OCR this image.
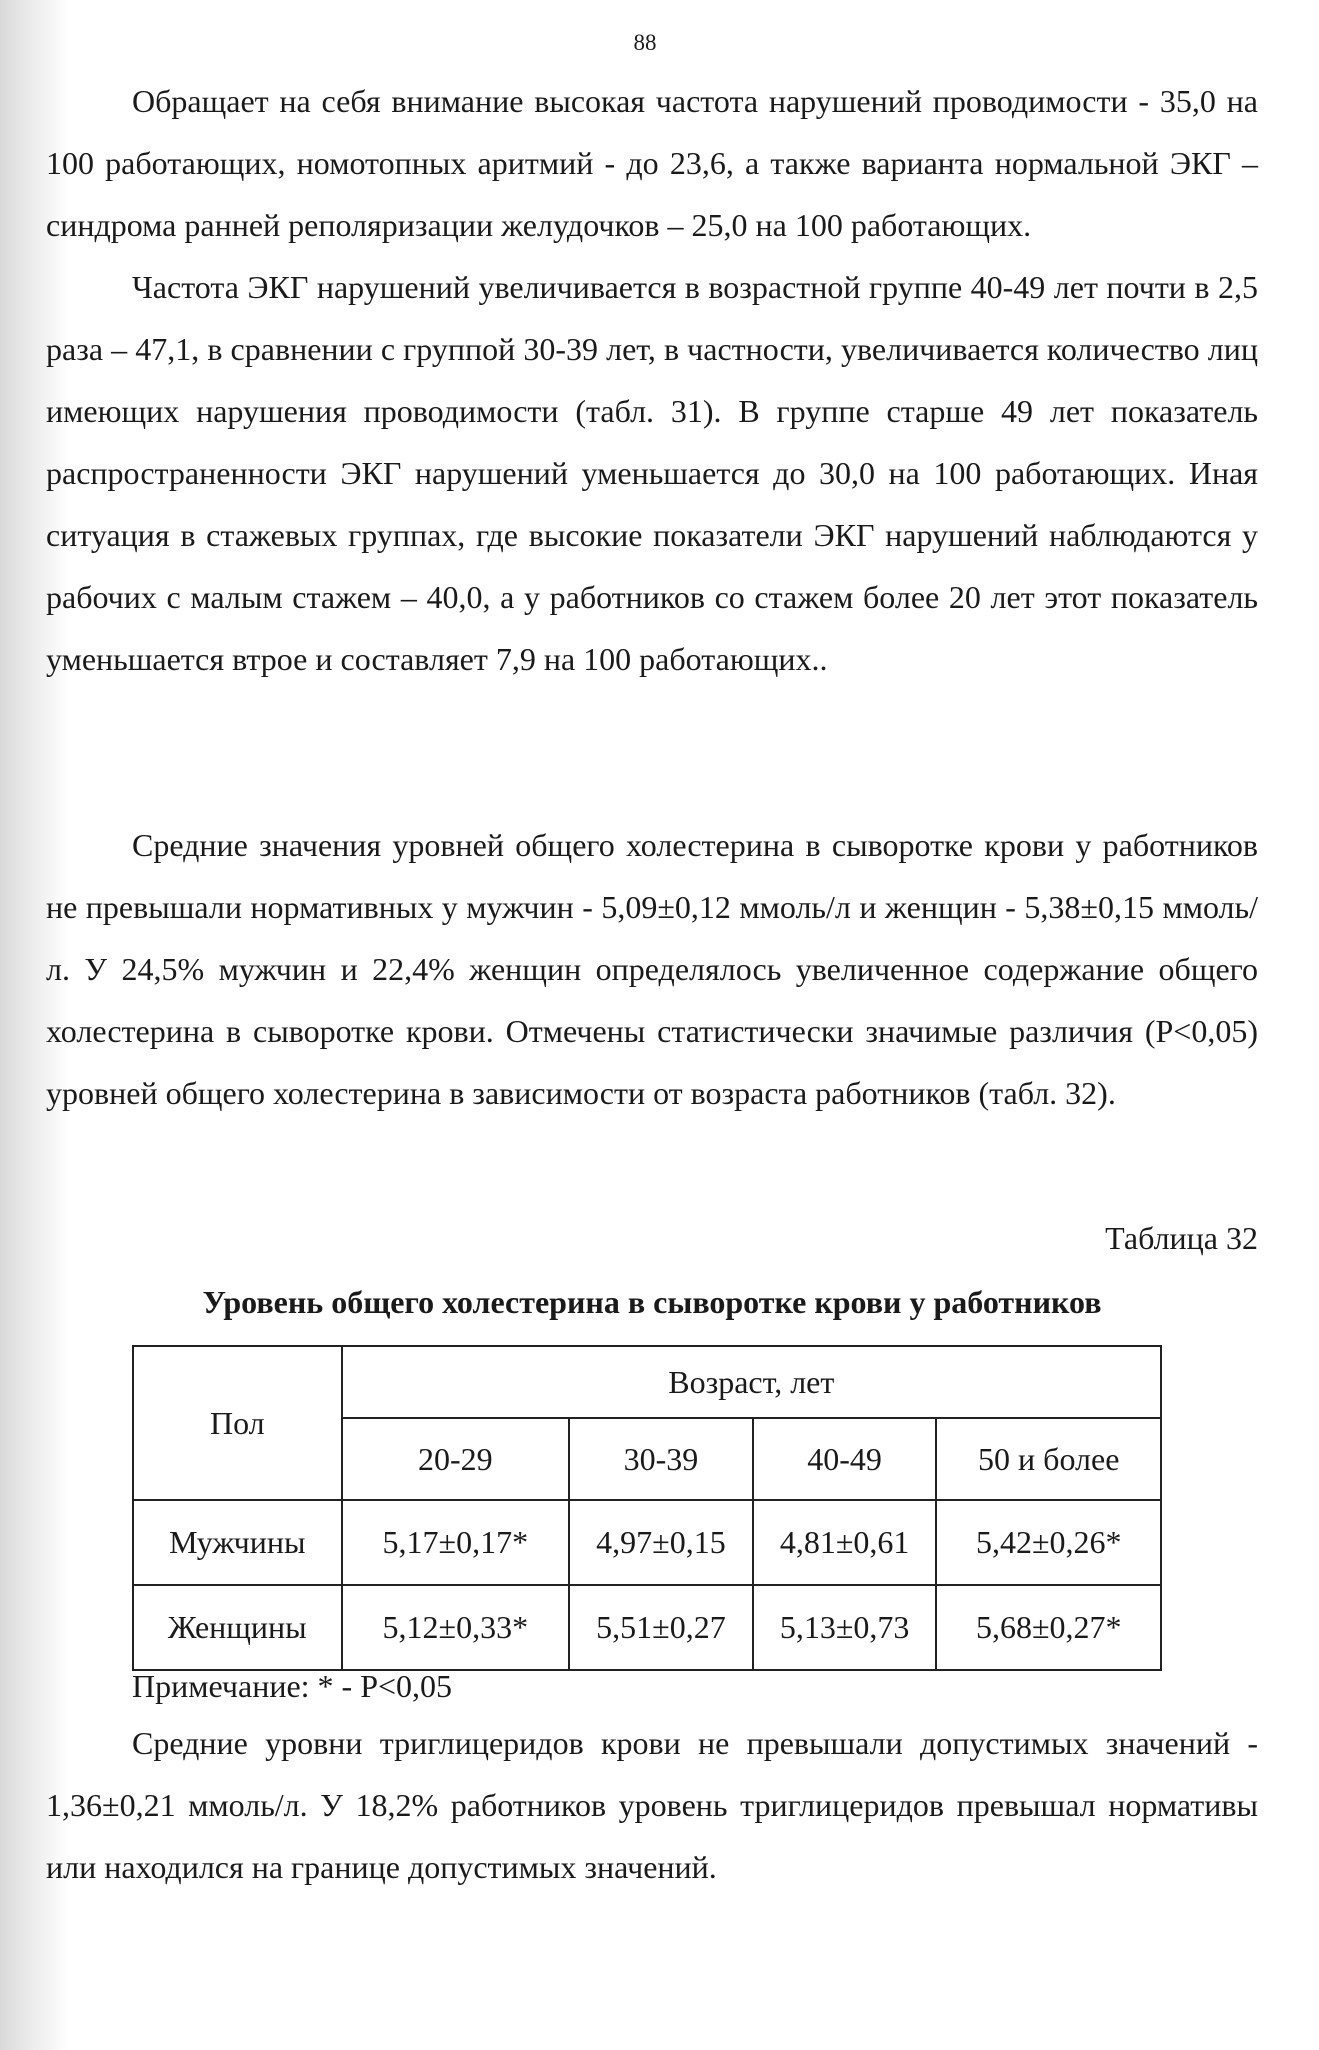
88

Обращает на себя внимание высокая частота нарушений проводимости - 35,0 на 100 работающих, номотопных аритмий - до 23,6, а также варианта нормальной ЭКГ – синдрома ранней реполяризации желудочков – 25,0 на 100 работающих.

Частота ЭКГ нарушений увеличивается в возрастной группе 40-49 лет почти в 2,5 раза – 47,1, в сравнении с группой 30-39 лет, в частности, увеличивается количество лиц имеющих нарушения проводимости (табл. 31). В группе старше 49 лет показатель распространенности ЭКГ нарушений уменьшается до 30,0 на 100 работающих. Иная ситуация в стажевых группах, где высокие показатели ЭКГ нарушений наблюдаются у рабочих с малым стажем – 40,0, а у работников со стажем более 20 лет этот показатель уменьшается втрое и составляет 7,9 на 100 работающих..

Средние значения уровней общего холестерина в сыворотке крови у работников не превышали нормативных у мужчин - 5,09±0,12 ммоль/л и женщин - 5,38±0,15 ммоль/л. У 24,5% мужчин и 22,4% женщин определялось увеличенное содержание общего холестерина в сыворотке крови. Отмечены статистически значимые различия (Р<0,05) уровней общего холестерина в зависимости от возраста работников (табл. 32).

Таблица 32
Уровень общего холестерина в сыворотке крови у работников
Пол	Возраст, лет			
	20-29	30-39	40-49	50 и более
Мужчины	5,17±0,17*	4,97±0,15	4,81±0,61	5,42±0,26*
Женщины	5,12±0,33*	5,51±0,27	5,13±0,73	5,68±0,27*
Примечание: * - Р<0,05

Средние уровни триглицеридов крови не превышали допустимых значений - 1,36±0,21 ммоль/л. У 18,2% работников уровень триглицеридов превышал нормативы или находился на границе допустимых значений.
